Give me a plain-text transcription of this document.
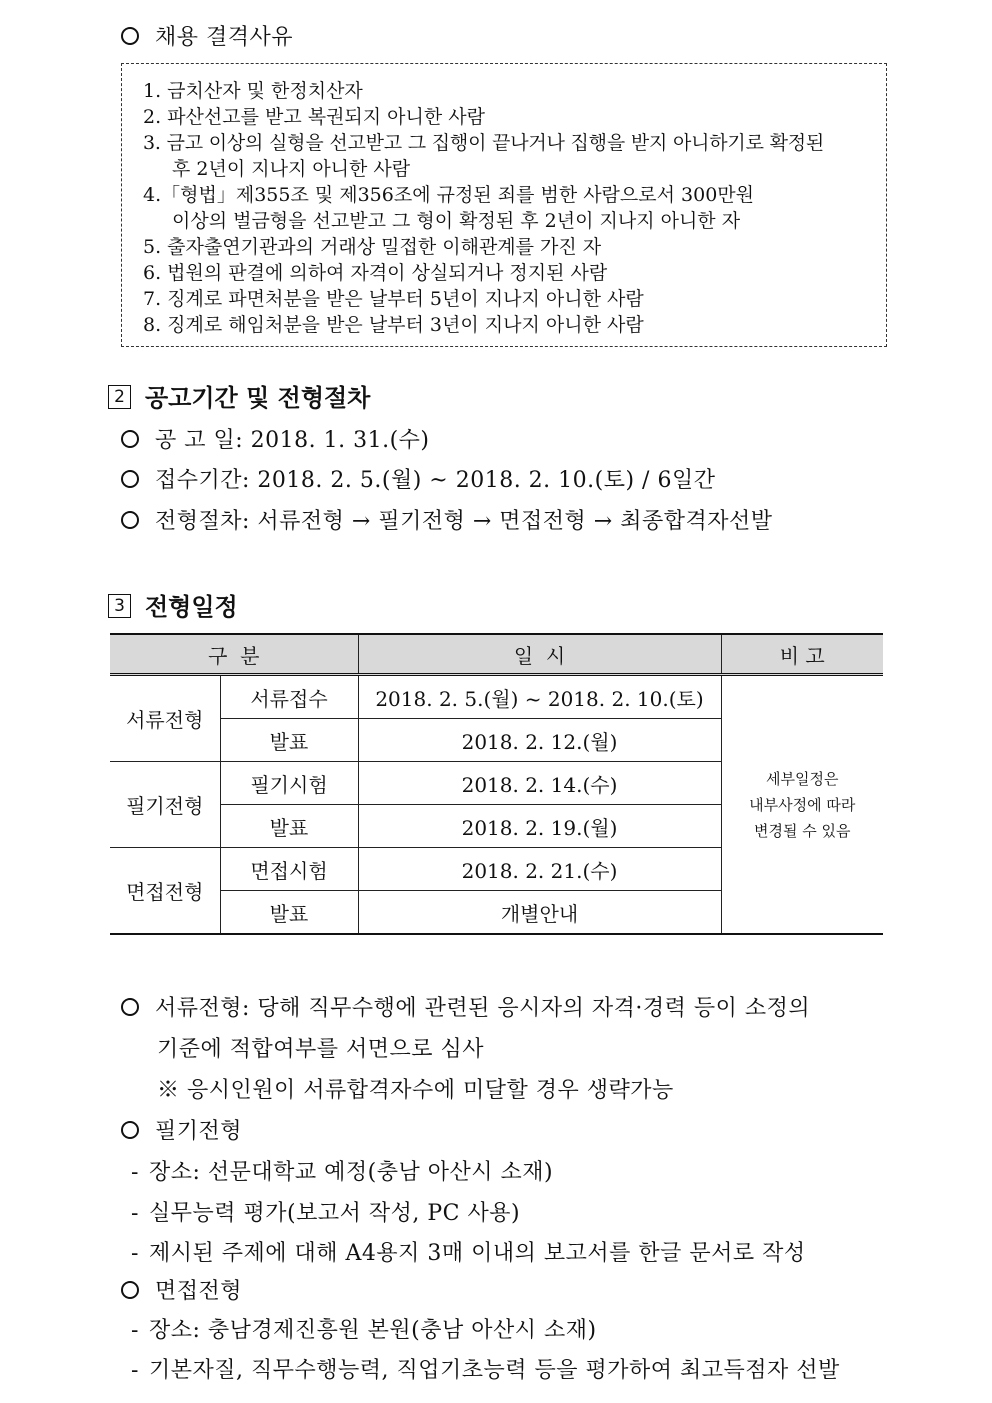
채용 결격사유
1. 금치산자 및 한정치산자
2. 파산선고를 받고 복권되지 아니한 사람
3. 금고 이상의 실형을 선고받고 그 집행이 끝나거나 집행을 받지 아니하기로 확정된
후 2년이 지나지 아니한 사람
4.「형법」제355조 및 제356조에 규정된 죄를 범한 사람으로서 300만원
이상의 벌금형을 선고받고 그 형이 확정된 후 2년이 지나지 아니한 자
5. 출자출연기관과의 거래상 밀접한 이해관계를 가진 자
6. 법원의 판결에 의하여 자격이 상실되거나 정지된 사람
7. 징계로 파면처분을 받은 날부터 5년이 지나지 아니한 사람
8. 징계로 해임처분을 받은 날부터 3년이 지나지 아니한 사람
2 공고기간 및 전형절차
공 고 일: 2018. 1. 31.(수)
접수기간: 2018. 2. 5.(월) ~ 2018. 2. 10.(토) / 6일간
전형절차: 서류전형 → 필기전형 → 면접전형 → 최종합격자선발
3 전형일정
구  분		일  시	비 고
서류전형	서류접수	2018. 2. 5.(월) ~ 2018. 2. 10.(토)	세부일정은
내부사정에 따라
변경될 수 있음

	발표	2018. 2. 12.(월)	
필기전형	필기시험	2018. 2. 14.(수)	
	발표	2018. 2. 19.(월)	
면접전형	면접시험	2018. 2. 21.(수)	
	발표	개별안내	
서류전형: 당해 직무수행에 관련된 응시자의 자격·경력 등이 소정의
기준에 적합여부를 서면으로 심사
※ 응시인원이 서류합격자수에 미달할 경우 생략가능
필기전형
- 장소: 선문대학교 예정(충남 아산시 소재)
- 실무능력 평가(보고서 작성, PC 사용)
- 제시된 주제에 대해 A4용지 3매 이내의 보고서를 한글 문서로 작성
면접전형
- 장소: 충남경제진흥원 본원(충남 아산시 소재)
- 기본자질, 직무수행능력, 직업기초능력 등을 평가하여 최고득점자 선발
